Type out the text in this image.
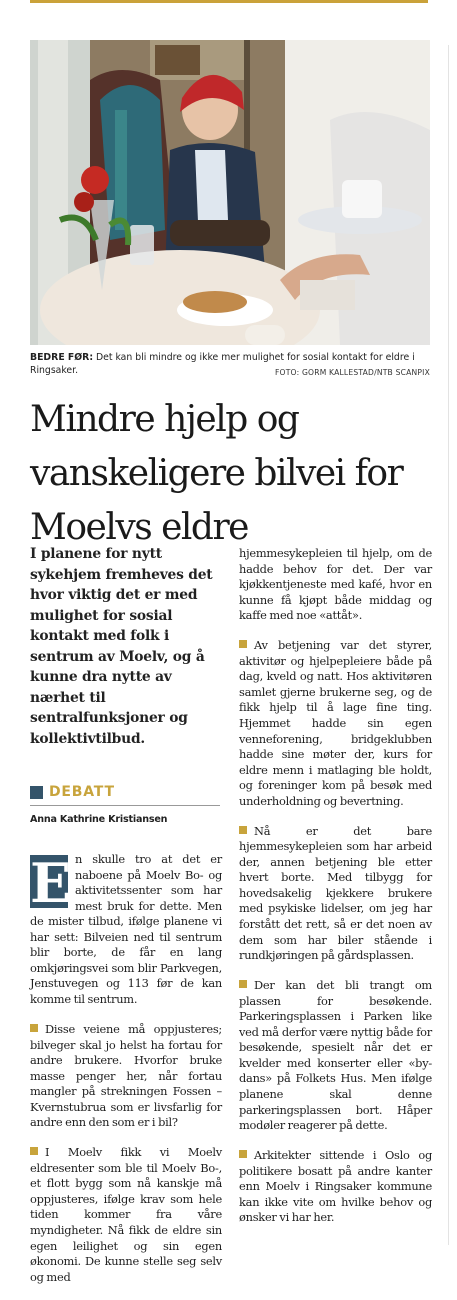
BEDRE FØR: Det kan bli mindre og ikke mer mulighet for sosial kontakt for eldre i Ringsaker.	FOTO: GORM KALLESTAD/NTB SCANPIX
Mindre hjelp og vanskeligere bilvei for Moelvs eldre

I planene for nytt sykehjem fremheves det hvor viktig det er med mulighet for sosial kontakt med folk i sentrum av Moelv, og å kunne dra nytte av nærhet til sentralfunksjoner og kollektivtilbud.

DEBATT
Anna Kathrine Kristiansen

E n skulle tro at det er naboene på Moelv Bo- og aktivitetssenter som har mest bruk for dette. Men de mister tilbud, ifølge planene vi har sett: Bilveien ned til sentrum blir borte, de får en lang omkjøringsvei som blir Parkvegen, Jenstuvegen og 113 før de kan komme til sentrum.

Disse veiene må oppjusteres; bilveger skal jo helst ha fortau for andre brukere. Hvorfor bruke masse penger her, når fortau mangler på strekningen Fossen – Kvernstubrua som er livsfarlig for andre enn den som er i bil?

I Moelv fikk vi Moelv eldresenter som ble til Moelv Bo-, et flott bygg som nå kanskje må oppjusteres, ifølge krav som hele tiden kommer fra våre myndigheter. Nå fikk de eldre sin egen leilighet og sin egen økonomi. De kunne stelle seg selv og med

hjemmesykepleien til hjelp, om de hadde behov for det. Der var kjøkkentjeneste med kafé, hvor en kunne få kjøpt både middag og kaffe med noe «attåt».

Av betjening var det styrer, aktivitør og hjelpepleiere både på dag, kveld og natt. Hos aktivitøren samlet gjerne brukerne seg, og de fikk hjelp til å lage fine ting. Hjemmet hadde sin egen venneforening, bridgeklubben hadde sine møter der, kurs for eldre menn i matlaging ble holdt, og foreninger kom på besøk med underholdning og bevertning.

Nå er det bare hjemmesykepleien som har arbeid der, annen betjening ble etter hvert borte. Med tilbygg for hovedsakelig kjekkere brukere med psykiske lidelser, om jeg har forstått det rett, så er det noen av dem som har biler stående i rundkjøringen på gårdsplassen.

Der kan det bli trangt om plassen for besøkende. Parkeringsplassen i Parken like ved må derfor være nyttig både for besøkende, spesielt når det er kvelder med konserter eller «by-dans» på Folkets Hus. Men ifølge planene skal denne parkeringsplassen bort. Håper modøler reagerer på dette.

Arkitekter sittende i Oslo og politikere bosatt på andre kanter enn Moelv i Ringsaker kommune kan ikke vite om hvilke behov og ønsker vi har her.
